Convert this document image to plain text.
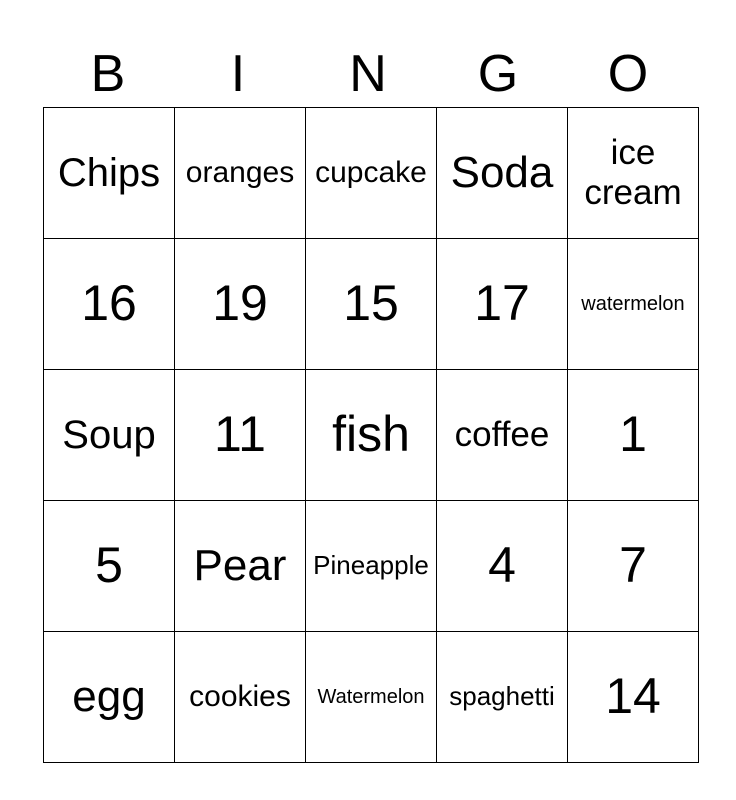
B	I	N	G	O
Chips	oranges	cupcake	Soda	ice cream
16	19	15	17	watermelon
Soup	11	fish	coffee	1
5	Pear	Pineapple	4	7
egg	cookies	Watermelon	spaghetti	14
